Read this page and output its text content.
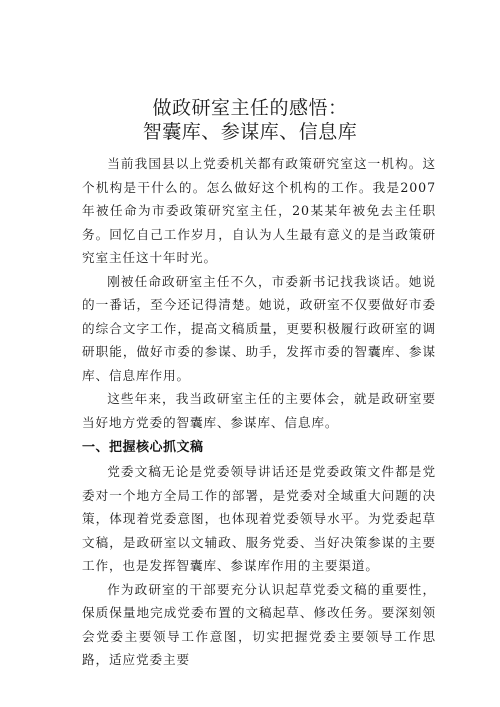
做政研室主任的感悟：
智囊库、参谋库、信息库

当前我国县以上党委机关都有政策研究室这一机构。这个机构是干什么的。怎么做好这个机构的工作。我是2007年被任命为市委政策研究室主任，20某某年被免去主任职务。回忆自己工作岁月，自认为人生最有意义的是当政策研究室主任这十年时光。

刚被任命政研室主任不久，市委新书记找我谈话。她说的一番话，至今还记得清楚。她说，政研室不仅要做好市委的综合文字工作，提高文稿质量，更要积极履行政研室的调研职能，做好市委的参谋、助手，发挥市委的智囊库、参谋库、信息库作用。

这些年来，我当政研室主任的主要体会，就是政研室要当好地方党委的智囊库、参谋库、信息库。

一、把握核心抓文稿

党委文稿无论是党委领导讲话还是党委政策文件都是党委对一个地方全局工作的部署，是党委对全域重大问题的决策，体现着党委意图，也体现着党委领导水平。为党委起草文稿，是政研室以文辅政、服务党委、当好决策参谋的主要工作，也是发挥智囊库、参谋库作用的主要渠道。

作为政研室的干部要充分认识起草党委文稿的重要性，保质保量地完成党委布置的文稿起草、修改任务。要深刻领会党委主要领导工作意图，切实把握党委主要领导工作思路，适应党委主要
